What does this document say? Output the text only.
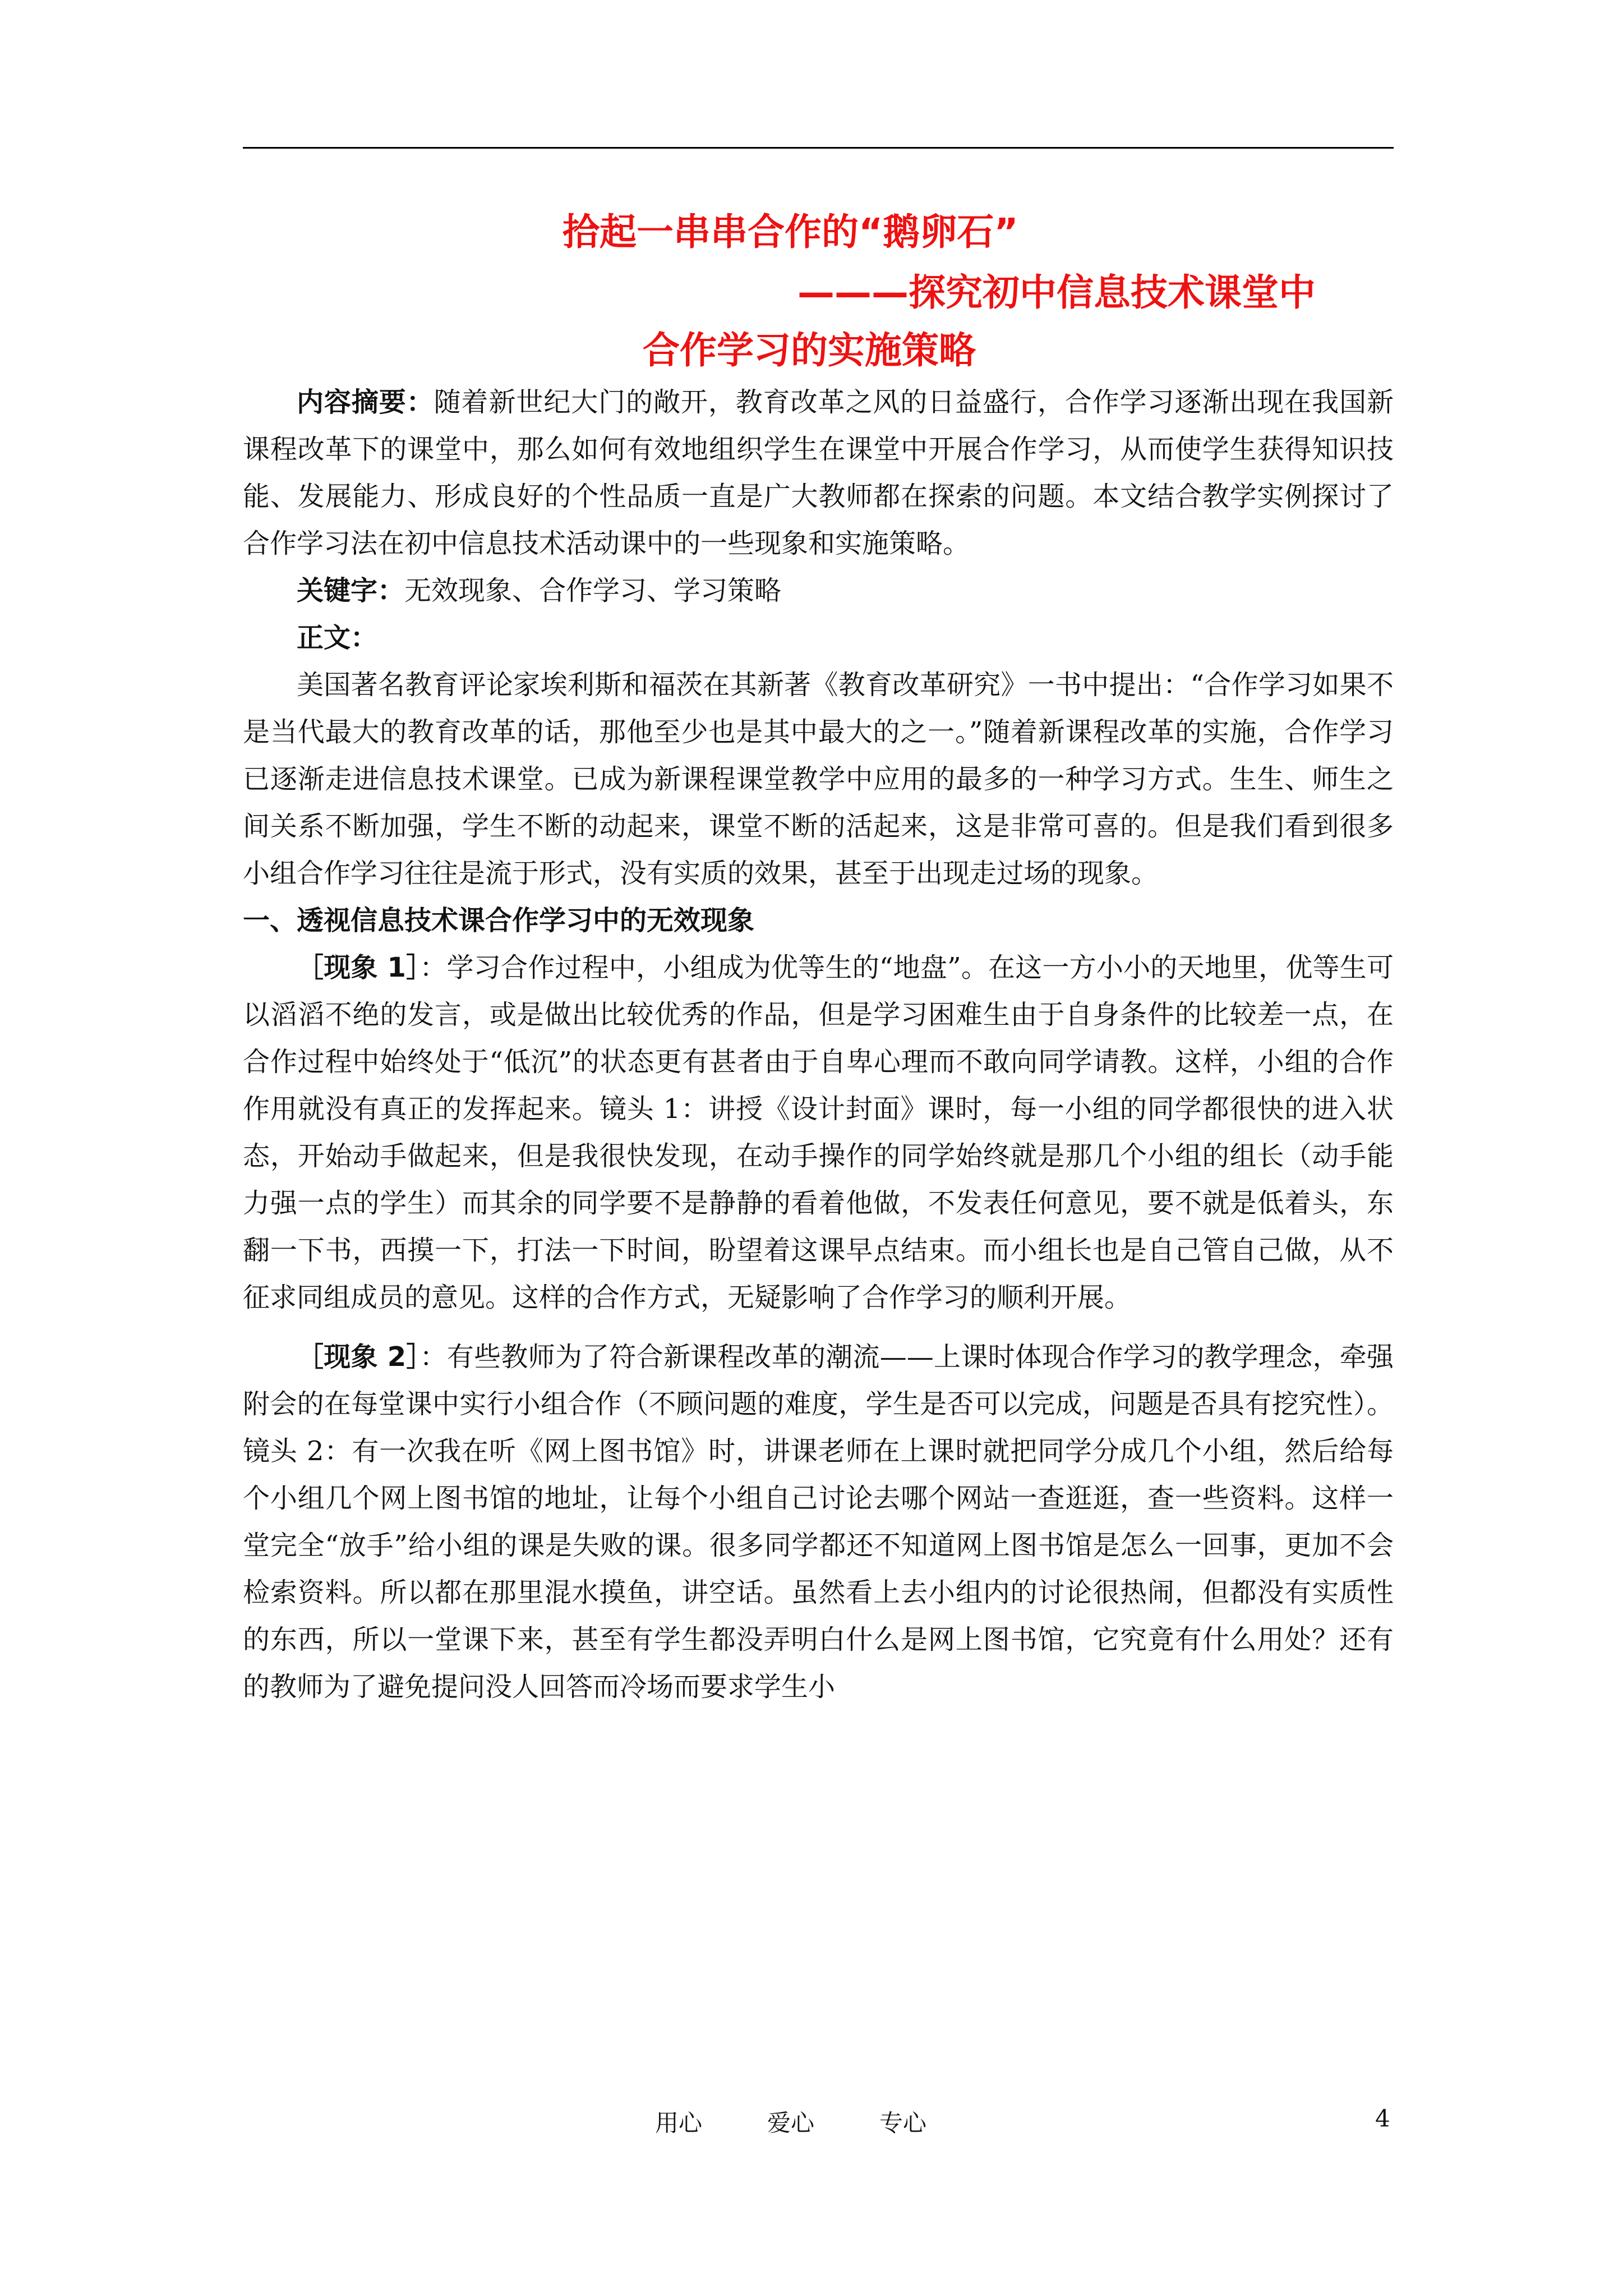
拾起一串串合作的“鹅卵石”
———探究初中信息技术课堂中
合作学习的实施策略

内容摘要：随着新世纪大门的敞开，教育改革之风的日益盛行，合作学习逐渐出现在我国新课程改革下的课堂中，那么如何有效地组织学生在课堂中开展合作学习，从而使学生获得知识技能、发展能力、形成良好的个性品质一直是广大教师都在探索的问题。本文结合教学实例探讨了合作学习法在初中信息技术活动课中的一些现象和实施策略。

关键字：无效现象、合作学习、学习策略

正文：

美国著名教育评论家埃利斯和福茨在其新著《教育改革研究》一书中提出：“合作学习如果不是当代最大的教育改革的话，那他至少也是其中最大的之一。”随着新课程改革的实施，合作学习已逐渐走进信息技术课堂。已成为新课程课堂教学中应用的最多的一种学习方式。生生、师生之间关系不断加强，学生不断的动起来，课堂不断的活起来，这是非常可喜的。但是我们看到很多小组合作学习往往是流于形式，没有实质的效果，甚至于出现走过场的现象。

一、透视信息技术课合作学习中的无效现象

［现象 1］：学习合作过程中，小组成为优等生的“地盘”。在这一方小小的天地里，优等生可以滔滔不绝的发言，或是做出比较优秀的作品，但是学习困难生由于自身条件的比较差一点，在合作过程中始终处于“低沉”的状态更有甚者由于自卑心理而不敢向同学请教。这样，小组的合作作用就没有真正的发挥起来。镜头 1：讲授《设计封面》课时，每一小组的同学都很快的进入状态，开始动手做起来，但是我很快发现，在动手操作的同学始终就是那几个小组的组长（动手能力强一点的学生）而其余的同学要不是静静的看着他做，不发表任何意见，要不就是低着头，东翻一下书，西摸一下，打法一下时间，盼望着这课早点结束。而小组长也是自己管自己做，从不征求同组成员的意见。这样的合作方式，无疑影响了合作学习的顺利开展。

［现象 2］：有些教师为了符合新课程改革的潮流——上课时体现合作学习的教学理念，牵强附会的在每堂课中实行小组合作（不顾问题的难度，学生是否可以完成，问题是否具有挖究性）。镜头 2：有一次我在听《网上图书馆》时，讲课老师在上课时就把同学分成几个小组，然后给每个小组几个网上图书馆的地址，让每个小组自己讨论去哪个网站一查逛逛，查一些资料。这样一堂完全“放手”给小组的课是失败的课。很多同学都还不知道网上图书馆是怎么一回事，更加不会检索资料。所以都在那里混水摸鱼，讲空话。虽然看上去小组内的讨论很热闹，但都没有实质性的东西，所以一堂课下来，甚至有学生都没弄明白什么是网上图书馆，它究竟有什么用处？还有的教师为了避免提问没人回答而冷场而要求学生小

用心	爱心	专心	4
